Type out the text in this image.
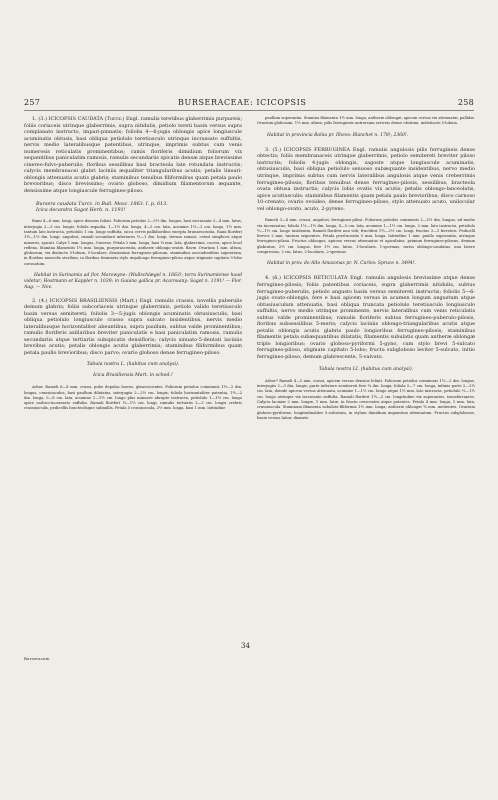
257	BURSERACEAE: ICICOPSIS	258

1. (3.) ICICOPSIS CAUDATA (Turcz.) Engl. ramulis teretibus glaberrimis purpureis; foliis coriaceis utrinque glaberrimis, supra nitidulis, petiolo tereti basin versus supra complanato instructo, impari-pinnatis; foliolis 4—6-jugis oblongis apice longiuscule acuminatis obtusis, basi obliqua petiolulo teretiusculo utrinque incrassato suffultis, nervis medio lateralibusque patentibus, utrinque, imprimis subtus cum venis numerosis reticulatis prominentibus; ramis floriferis dimidium foliorum vix sequentibus paniculatim ramosis, ramulis secundariis spicatis densæ atque brevissime cinereo-fulvo-puberulis; floribus sessilibus basi bracteola late rotundata instructis; calycis membranacei glabri laciniis æqualiter triangularibus acutis; petalis lineari-oblongis attenuatis acutis glabris; staminibus tenuibus filiformibus quam petala paulo brevioribus; disco brevissimo; ovario globoso, dimidium filamentorum æquante, densissime atque longiuscule ferrugineo-piloso.

Bursera caudata Turcz. in Bull. Mosc. 1863. I. p. 613.

Icica decandra Sagot Herb. n. 1191!

Rami 4—6 mm. longi, apice densius foliati. Foliorum petiolus 2—5½ dm. longus, basi incrassata 3—4 mm. latus, interjugia 2—3 cm. longis; foliola æqualia, 1—1½ dm. longa, 4—5 cm. lata, acumine 1½—2 cm. longo, 1½ mm. tantum lato instructa, petiolulo 1 cm. longo suffulta, sicca cervis pallidioribus excepta brunnescentia. Rami floriferi 1½—1½ dm. longi, angulosi; ramuli secundarii inferiores ½—1 dm. longi, iterum ramosi, ceteri simplices atque minores, spicati. Calyx 1 mm. longus, 5-merus. Petala 2 mm. longa, basi ¼ mm. lata, glaberrima, cocrea, apice leucl reflexa. Stamina filamentis 1½ mm. longa, purpurascentia, antheræ oblongo-ovatæ, flavæ. Ovarium 1 mm. altum, globosum, vix distincte 5-lobum, 5-loculare, densissime ferrugineo-pilosum, staminibus ascendentibus superatum, in floribus masculis sterilum, in floribus fœmineis stylo æquilongo ferrugineo-piloso atque stigmate capitato 5-lobo coronatum.

Habitat in Surinamia ad flor. Marowyne: (Wullschlægel n. 1663!; terra Surinamiense haud videtur; Hostmann et Kappler n. 1039; in Guiana gallica pr. Acarouany: Sagot n. 1191! — Flor. Aug. — Nov.

2. (4.) ICICOPSIS BRASILIENSIS (Mart.) Engl. ramulis crassis, novellis puberulis demum glabris; foliis subcoriaceis utrinque glaberrimis, petiolo valido teretiusculo basin versus semitereti; foliolis 3—5-jugis oblongis acuminatis obtusiusculis, basi obliqua petiolulo longiusculo crasso supra sulcato insidentibus, nervis medio lateralibusque horizontaliter abeuntibus, supra paullum, subtus valde prominentibus; ramulis floriferis axillaribus breviter paniculatis e basi paniculatim ramosis, ramulis secundariis atque tertiariis subspicatis densifloris; calycis sinuato-5-dentati laciniis brevibus acutis; petalis oblongis acutis glaberrimis; staminibus filiformibus quam petala paullo brevioribus; disco parvo; ovario globoso dense ferrugineo-piloso.

Tabula nostra L. (habitus cum analysi).

Icica Brasiliensis Mart. in sched.!

Arbor. Rameli 6—8 mm. crassi, pube depulsa laeves, glaucescentes. Foliorum petiolus communis 1½—2 dm. longus, crassiusculus, basi paullum dilatatus, interjugiis 2—2½ cm. longis; foliola horizontaliter patentia, 1½—2 dm. longa, 5—8 cm. lata, acumine 1—1½ cm. longo plus minusve abrupte instructa, petiolulo 1—1½ cm. longo apice nodoso-incrassato suffulta. Ramuli floriferi ¼—1½ cm. longi, ramulis tertiariis 2—3 cm. longis crebris crassiusculis, pedicellis bracteolisque subnullis. Petala 5 crassiuscula, 2½ mm. longa, basi 1 mm. latitudine

paullum superantia. Stamina filamenta 1½ mm. longa; antheræ oblongæ, apicem versus vix attenuatæ, pallidæ. Ovarium globosum, 1½ mm. altum, pilis ferrugineis antrorsum sericeis dense obsitum, indistincte 5-lobum.

Habitat in provincia Bahia pr. Ilheos: Blanchet n. 178!; 2360!.

3. (5.) ICICOPSIS FERRUGINEA Engl. ramulis angulosis pilis ferrugineis dense obtectis; foliis membranaceis utrinque glaberrimis, petiolo semitereti breviter piloso instructis; foliolis 4-jugis oblongis, sagoste atque longiuscule acuminatis, obtusiusculis, basi obliqua petiolulo senuoso subæquante insidentibus, nervo medio utrinque, imprimis subtus cum nervis lateralibus angulosis atque venis creberrimis ferrugineo-pilosis; floribus tenuibus dense ferrugineo-pilosis, sessilibus, bracteola ovata obtusa instructis; calycis lobis ovatis vix acutis; petalis oblongo-lanceolatis, apice acutiusculis; staminibus filamentis quam petala paulo brevioribus; disco carnoso 10-crenato; ovario ovoideo, dense ferrugineo-piloso, stylo attenuato acuto, unilocular vel oblongo-ovato, acuto, 2-pyreno.

Rameli 3—4 mm. crassi, angulosi, ferrugineo-pilosi. Foliorum petiolus communis 2—2½ dm. longus, ad medio vix incrassatus; foliola 1½—1½ dm. longa, 4—5 cm. lata, acumine 1—1½ cm. longo, 2 mm. lato instructa, petiolulo ½—1½ cm. longo insidentia. Ramuli floriferi non vidi; fructiferi 1½—2½ cm. longi, fructus 3—3 ferreteis. Pedicelli breves 2 mm. tantum sequentes. Petala persluceatis 5 mm. longa, latitudine 1 mm. paullo superantia, utrinque ferrugineo-pilosa. Fructus oblongus, apicem versus attenuatus et apiculatus, primum ferrugineo-pilosus, demum glabratus, 2½ cm. longus, fere 1½ cm. latus, 1-locularis, 1-spermus, rariss oblongo-candatus, una latere compressus, 2 cm. latus, 2-locularis, 2-spermus.

Habitat in prov. do Alto Amazonas pr. N. Carlos: Spruce n. 3494!.

4. (6.) ICICOPSIS RETICULATA Engl. ramulis angulosis brevissime atque dense ferrugineo-pilosis; foliis patentibus coriaceis, supra glaberrimis nitidulis, subtus ferrugineo-puberulis, petiolo angusto basin versus semitereti instructis; foliolis 5—6-jugis ovato-oblongis, fere e basi apicem versus in acumen longum angustum atque obtusiusculum attenuatis, basi obliqua truncata petiolulo teretiusculo longiusculo suffultis, nervo medio utrinque prominente, nervis lateralibus cum venis reticulatis subtus valde prominentibus; ramulis floriferis subtus ferrugineo-puberulo-pilosis, floribus subsessilibus 5-meris; calycis laciniis oblongo-triangularibus acutis atque petalis oblongis acutis glabris paulo longioribus ferrugineo-pilosis; staminibus filamentis petala subæquantibus dilatatis, filamentis subulatis quam antheræ oblongæ triplo longioribus; ovario globoso-pyriformi 5-gyno, cum stylo brevi 5-sulcato ferrugineo-piloso, stigmate capitato 5-lobo; fructu subgloboso leviter 5-sulcato, initio ferrugineo-piloso, demum glabrescente, 5-valvato.

Tabula nostra LI. (habitus cum analysi).

Arbor? Rameli 4—5 mm. crassi, apicem versus densius foliati. Foliorum petiolus communis 1½—2 dm. longus, interjugiis 2—3 dm. longis, parte inferiore semitereti fere ¾ dm. longa; foliola 5—7 cm. longa, infimis parte 2—2½ cm. lata, deinde apicem versus attenuata, acumine 1—1½ cm. longo atque 1½ mm. lato instructa, petiolulo ½—1½ cm. longo utrinque vix incrassato suffulta. Ramuli floriferi 1½—2 cm. longitudine vix superantes, transferrantes. Calycis laciniæ 2 mm. longæ, 1 mm. latæ, in fructu crescentes atque patentes. Petala 4 mm. longa, 1 mm. lata, crassiuscula. Staminum filamenta subulato-filiformia 1½ mm. longa; antheræ oblongæ ¾ mm. metientes. Ovarium globoso-pyriforme, longitudinaliter 5-sulcatum, in stylum dimidium æquantem attenuatum. Fructus subglobosus, basin versus latior, diametr.

Burseraceæ.
34
